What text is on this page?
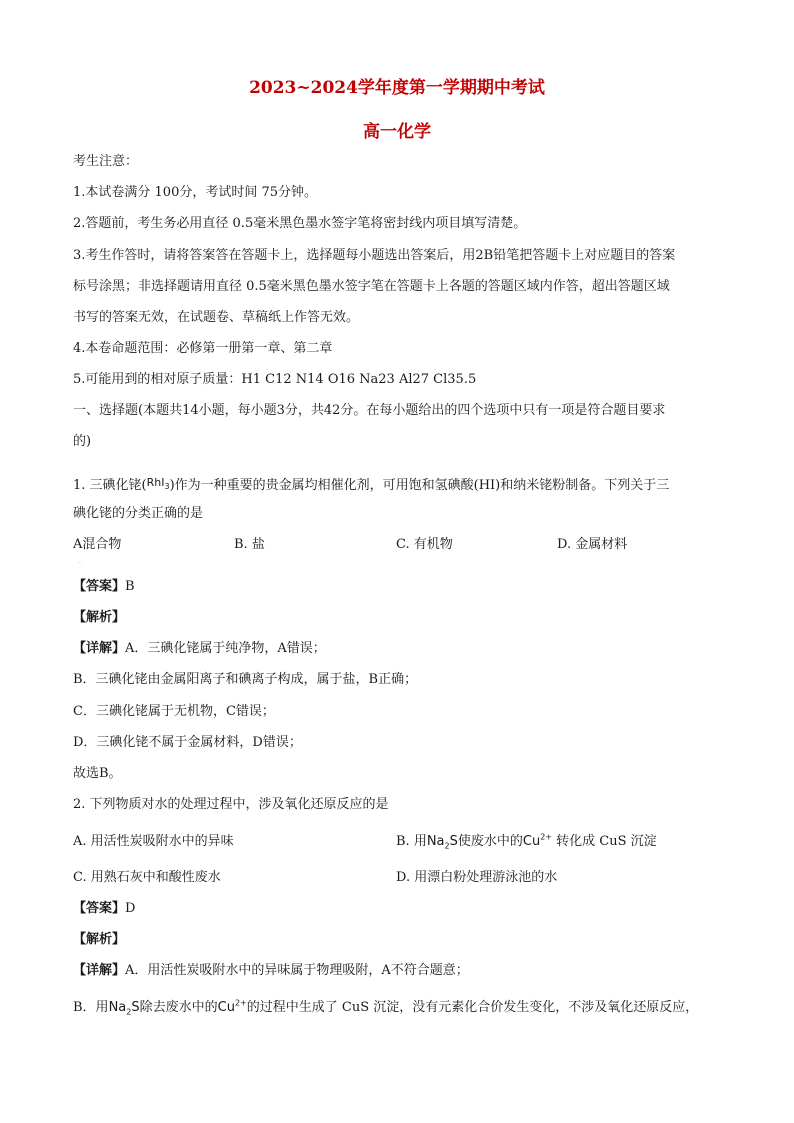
2023~2024学年度第一学期期中考试
高一化学
考生注意：
1.本试卷满分 100分，考试时间 75分钟。
2.答题前，考生务必用直径 0.5毫米黑色墨水签字笔将密封线内项目填写清楚。
3.考生作答时，请将答案答在答题卡上，选择题每小题选出答案后，用2B铅笔把答题卡上对应题目的答案
标号涂黑；非选择题请用直径 0.5毫米黑色墨水签字笔在答题卡上各题的答题区域内作答，超出答题区域
书写的答案无效，在试题卷、草稿纸上作答无效。
4.本卷命题范围：必修第一册第一章、第二章
5.可能用到的相对原子质量：H1 C12 N14 O16 Na23 Al27 Cl35.5
一、选择题(本题共14小题，每小题3分，共42分。在每小题给出的四个选项中只有一项是符合题目要求
的)
1. 三碘化铑($^{RhI_3}$)作为一种重要的贵金属均相催化剂，可用饱和氢碘酸(HI)和纳米铑粉制备。下列关于三
碘化铑的分类正确的是
A混合物	B. 盐	C. 有机物	D. 金属材料
·
【答案】B
【解析】
【详解】A．三碘化铑属于纯净物，A错误；
B．三碘化铑由金属阳离子和碘离子构成，属于盐，B正确；
C．三碘化铑属于无机物，C错误；
D．三碘化铑不属于金属材料，D错误；
故选B。
2. 下列物质对水的处理过程中，涉及氧化还原反应的是
A. 用活性炭吸附水中的异味	B. 用$Na_2S$使废水中的$Cu^{2+}$ 转化成 CuS 沉淀
C. 用熟石灰中和酸性废水	D. 用漂白粉处理游泳池的水
【答案】D
【解析】
【详解】A．用活性炭吸附水中的异味属于物理吸附，A不符合题意；
B．用$Na_2S$除去废水中的$Cu^{2+}$的过程中生成了 CuS 沉淀，没有元素化合价发生变化，不涉及氧化还原反应，
